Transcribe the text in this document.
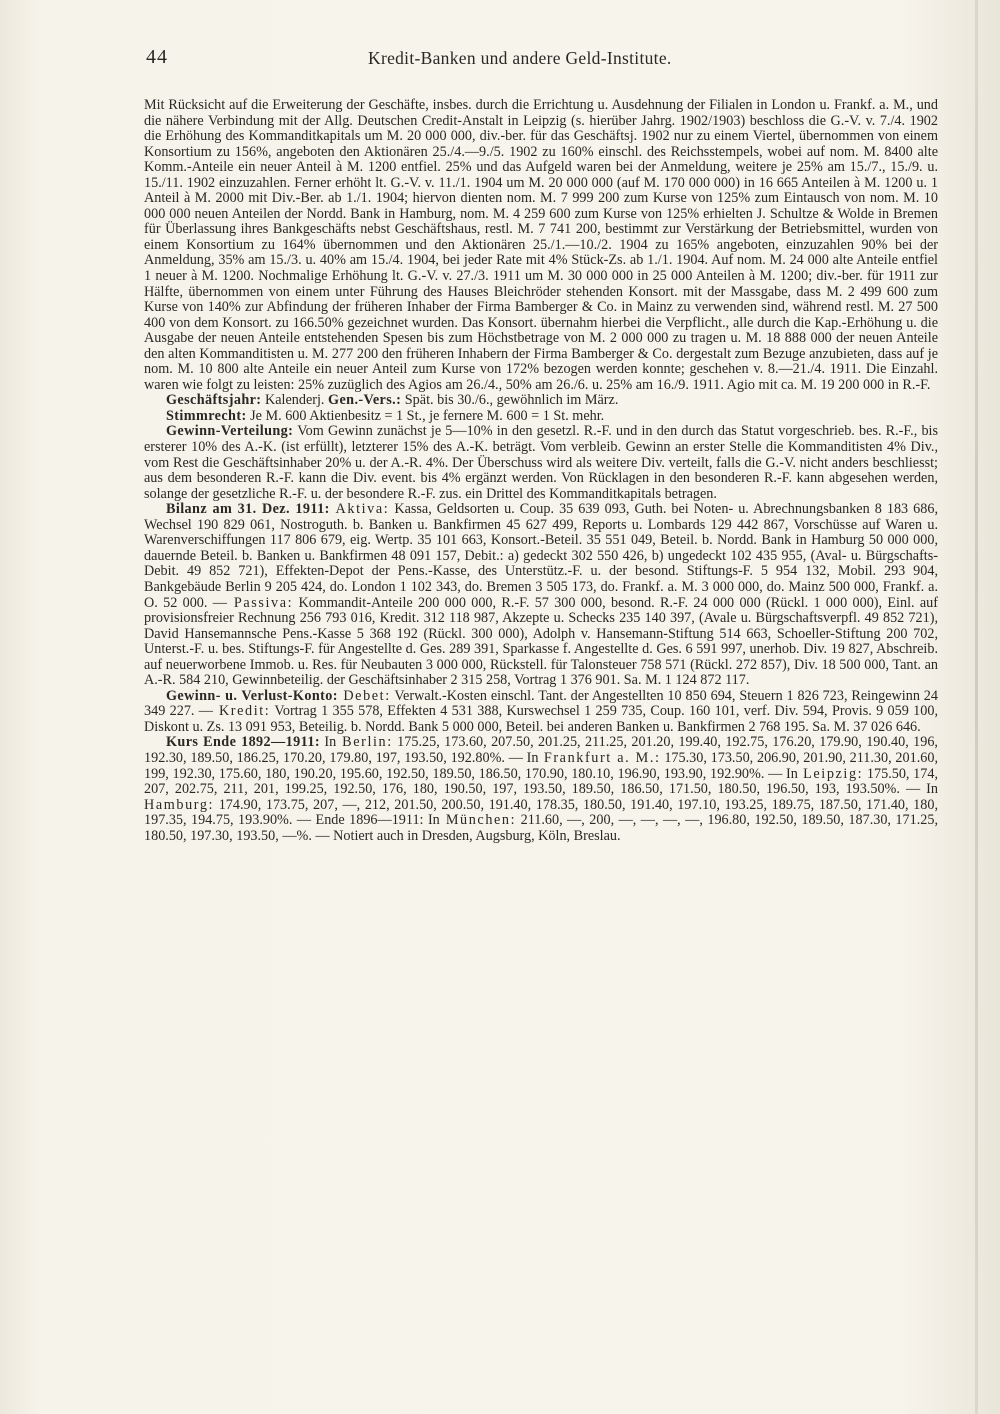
44	Kredit-Banken und andere Geld-Institute.

Mit Rücksicht auf die Erweiterung der Geschäfte, insbes. durch die Errichtung u. Ausdehnung der Filialen in London u. Frankf. a. M., und die nähere Verbindung mit der Allg. Deutschen Credit-Anstalt in Leipzig (s. hierüber Jahrg. 1902/1903) beschloss die G.-V. v. 7./4. 1902 die Erhöhung des Kommanditkapitals um M. 20 000 000, div.-ber. für das Geschäftsj. 1902 nur zu einem Viertel, übernommen von einem Konsortium zu 156%, angeboten den Aktionären 25./4.—9./5. 1902 zu 160% einschl. des Reichsstempels, wobei auf nom. M. 8400 alte Komm.-Anteile ein neuer Anteil à M. 1200 entfiel. 25% und das Aufgeld waren bei der Anmeldung, weitere je 25% am 15./7., 15./9. u. 15./11. 1902 einzuzahlen. Ferner erhöht lt. G.-V. v. 11./1. 1904 um M. 20 000 000 (auf M. 170 000 000) in 16 665 Anteilen à M. 1200 u. 1 Anteil à M. 2000 mit Div.-Ber. ab 1./1. 1904; hiervon dienten nom. M. 7 999 200 zum Kurse von 125% zum Eintausch von nom. M. 10 000 000 neuen Anteilen der Nordd. Bank in Hamburg, nom. M. 4 259 600 zum Kurse von 125% erhielten J. Schultze & Wolde in Bremen für Überlassung ihres Bankgeschäfts nebst Geschäftshaus, restl. M. 7 741 200, bestimmt zur Verstärkung der Betriebsmittel, wurden von einem Konsortium zu 164% übernommen und den Aktionären 25./1.—10./2. 1904 zu 165% angeboten, einzuzahlen 90% bei der Anmeldung, 35% am 15./3. u. 40% am 15./4. 1904, bei jeder Rate mit 4% Stück-Zs. ab 1./1. 1904. Auf nom. M. 24 000 alte Anteile entfiel 1 neuer à M. 1200. Nochmalige Erhöhung lt. G.-V. v. 27./3. 1911 um M. 30 000 000 in 25 000 Anteilen à M. 1200; div.-ber. für 1911 zur Hälfte, übernommen von einem unter Führung des Hauses Bleichröder stehenden Konsort. mit der Massgabe, dass M. 2 499 600 zum Kurse von 140% zur Abfindung der früheren Inhaber der Firma Bamberger & Co. in Mainz zu verwenden sind, während restl. M. 27 500 400 von dem Konsort. zu 166.50% gezeichnet wurden. Das Konsort. übernahm hierbei die Verpflicht., alle durch die Kap.-Erhöhung u. die Ausgabe der neuen Anteile entstehenden Spesen bis zum Höchstbetrage von M. 2 000 000 zu tragen u. M. 18 888 000 der neuen Anteile den alten Kommanditisten u. M. 277 200 den früheren Inhabern der Firma Bamberger & Co. dergestalt zum Bezuge anzubieten, dass auf je nom. M. 10 800 alte Anteile ein neuer Anteil zum Kurse von 172% bezogen werden konnte; geschehen v. 8.—21./4. 1911. Die Einzahl. waren wie folgt zu leisten: 25% zuzüglich des Agios am 26./4., 50% am 26./6. u. 25% am 16./9. 1911. Agio mit ca. M. 19 200 000 in R.-F.

Geschäftsjahr: Kalenderj. Gen.-Vers.: Spät. bis 30./6., gewöhnlich im März.

Stimmrecht: Je M. 600 Aktienbesitz = 1 St., je fernere M. 600 = 1 St. mehr.

Gewinn-Verteilung: Vom Gewinn zunächst je 5—10% in den gesetzl. R.-F. und in den durch das Statut vorgeschrieb. bes. R.-F., bis ersterer 10% des A.-K. (ist erfüllt), letzterer 15% des A.-K. beträgt. Vom verbleib. Gewinn an erster Stelle die Kommanditisten 4% Div., vom Rest die Geschäftsinhaber 20% u. der A.-R. 4%. Der Überschuss wird als weitere Div. verteilt, falls die G.-V. nicht anders beschliesst; aus dem besonderen R.-F. kann die Div. event. bis 4% ergänzt werden. Von Rücklagen in den besonderen R.-F. kann abgesehen werden, solange der gesetzliche R.-F. u. der besondere R.-F. zus. ein Drittel des Kommanditkapitals betragen.

Bilanz am 31. Dez. 1911: Aktiva: Kassa, Geldsorten u. Coup. 35 639 093, Guth. bei Noten- u. Abrechnungsbanken 8 183 686, Wechsel 190 829 061, Nostroguth. b. Banken u. Bankfirmen 45 627 499, Reports u. Lombards 129 442 867, Vorschüsse auf Waren u. Warenverschiffungen 117 806 679, eig. Wertp. 35 101 663, Konsort.-Beteil. 35 551 049, Beteil. b. Nordd. Bank in Hamburg 50 000 000, dauernde Beteil. b. Banken u. Bankfirmen 48 091 157, Debit.: a) gedeckt 302 550 426, b) ungedeckt 102 435 955, (Aval- u. Bürgschafts-Debit. 49 852 721), Effekten-Depot der Pens.-Kasse, des Unterstütz.-F. u. der besond. Stiftungs-F. 5 954 132, Mobil. 293 904, Bankgebäude Berlin 9 205 424, do. London 1 102 343, do. Bremen 3 505 173, do. Frankf. a. M. 3 000 000, do. Mainz 500 000, Frankf. a. O. 52 000. — Passiva: Kommandit-Anteile 200 000 000, R.-F. 57 300 000, besond. R.-F. 24 000 000 (Rückl. 1 000 000), Einl. auf provisionsfreier Rechnung 256 793 016, Kredit. 312 118 987, Akzepte u. Schecks 235 140 397, (Avale u. Bürgschaftsverpfl. 49 852 721), David Hansemannsche Pens.-Kasse 5 368 192 (Rückl. 300 000), Adolph v. Hansemann-Stiftung 514 663, Schoeller-Stiftung 200 702, Unterst.-F. u. bes. Stiftungs-F. für Angestellte d. Ges. 289 391, Sparkasse f. Angestellte d. Ges. 6 591 997, unerhob. Div. 19 827, Abschreib. auf neuerworbene Immob. u. Res. für Neubauten 3 000 000, Rückstell. für Talonsteuer 758 571 (Rückl. 272 857), Div. 18 500 000, Tant. an A.-R. 584 210, Gewinnbeteilig. der Geschäftsinhaber 2 315 258, Vortrag 1 376 901. Sa. M. 1 124 872 117.

Gewinn- u. Verlust-Konto: Debet: Verwalt.-Kosten einschl. Tant. der Angestellten 10 850 694, Steuern 1 826 723, Reingewinn 24 349 227. — Kredit: Vortrag 1 355 578, Effekten 4 531 388, Kurswechsel 1 259 735, Coup. 160 101, verf. Div. 594, Provis. 9 059 100, Diskont u. Zs. 13 091 953, Beteilig. b. Nordd. Bank 5 000 000, Beteil. bei anderen Banken u. Bankfirmen 2 768 195. Sa. M. 37 026 646.

Kurs Ende 1892—1911: In Berlin: 175.25, 173.60, 207.50, 201.25, 211.25, 201.20, 199.40, 192.75, 176.20, 179.90, 190.40, 196, 192.30, 189.50, 186.25, 170.20, 179.80, 197, 193.50, 192.80%. — In Frankfurt a. M.: 175.30, 173.50, 206.90, 201.90, 211.30, 201.60, 199, 192.30, 175.60, 180, 190.20, 195.60, 192.50, 189.50, 186.50, 170.90, 180.10, 196.90, 193.90, 192.90%. — In Leipzig: 175.50, 174, 207, 202.75, 211, 201, 199.25, 192.50, 176, 180, 190.50, 197, 193.50, 189.50, 186.50, 171.50, 180.50, 196.50, 193, 193.50%. — In Hamburg: 174.90, 173.75, 207, —, 212, 201.50, 200.50, 191.40, 178.35, 180.50, 191.40, 197.10, 193.25, 189.75, 187.50, 171.40, 180, 197.35, 194.75, 193.90%. — Ende 1896—1911: In München: 211.60, —, 200, —, —, —, —, 196.80, 192.50, 189.50, 187.30, 171.25, 180.50, 197.30, 193.50, —%. — Notiert auch in Dresden, Augsburg, Köln, Breslau.
